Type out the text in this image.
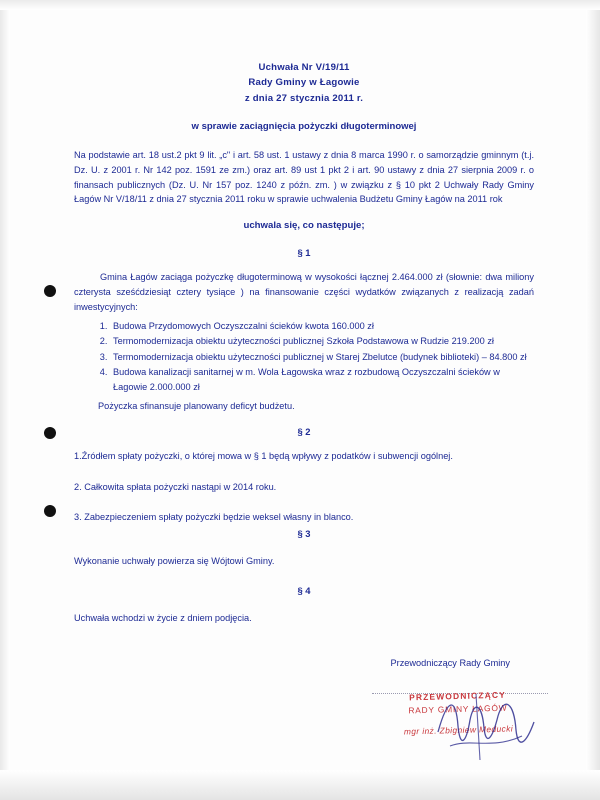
Uchwała Nr V/19/11
Rady Gminy w Łagowie
z dnia 27 stycznia 2011 r.
w sprawie zaciągnięcia pożyczki długoterminowej
Na podstawie art. 18 ust.2 pkt 9 lit. „c" i art. 58 ust. 1 ustawy z dnia 8 marca 1990 r. o samorządzie gminnym (t.j. Dz. U. z 2001 r. Nr 142 poz. 1591 ze zm.) oraz art. 89 ust 1 pkt 2 i art. 90 ustawy z dnia 27 sierpnia 2009 r. o finansach publicznych (Dz. U. Nr 157 poz. 1240 z późn. zm. ) w związku z § 10 pkt 2 Uchwały Rady Gminy Łagów Nr V/18/11 z dnia 27 stycznia 2011 roku w sprawie uchwalenia Budżetu Gminy Łagów na 2011 rok
uchwala się, co następuje;
§ 1
Gmina Łagów zaciąga pożyczkę długoterminową w wysokości łącznej 2.464.000 zł (słownie: dwa miliony czterysta sześćdziesiąt cztery tysiące ) na finansowanie części wydatków związanych z realizacją zadań inwestycyjnych:
1. Budowa Przydomowych Oczyszczalni ścieków kwota 160.000 zł
2. Termomodernizacja obiektu użyteczności publicznej Szkoła Podstawowa w Rudzie 219.200 zł
3. Termomodernizacja obiektu użyteczności publicznej w Starej Zbelutce (budynek biblioteki) – 84.800 zł
4. Budowa kanalizacji sanitarnej w m. Wola Łagowska wraz z rozbudową Oczyszczalni ścieków w Łagowie 2.000.000 zł
Pożyczka sfinansuje planowany deficyt budżetu.
§ 2
1.Źródłem spłaty pożyczki, o której mowa w § 1 będą wpływy z podatków i subwencji ogólnej.
2. Całkowita spłata pożyczki nastąpi w 2014 roku.
3. Zabezpieczeniem spłaty pożyczki będzie weksel własny in blanco.
§ 3
Wykonanie uchwały powierza się Wójtowi Gminy.
§ 4
Uchwała wchodzi w życie z dniem podjęcia.
Przewodniczący Rady Gminy
PRZEWODNICZĄCY
RADY GMINY ŁAGÓW
mgr inż. Zbigniew Meducki
